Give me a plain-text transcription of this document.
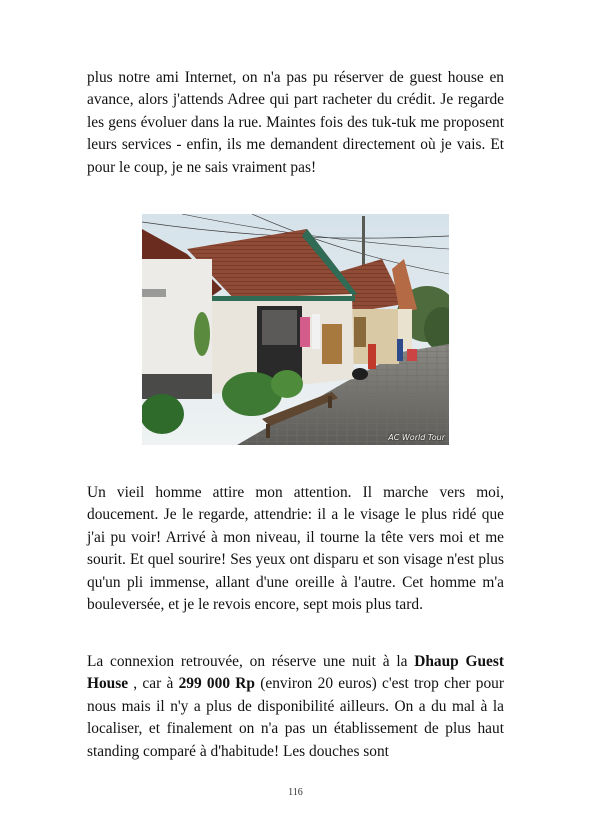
plus notre ami Internet, on n'a pas pu réserver de guest house en avance, alors j'attends Adree qui part racheter du crédit. Je regarde les gens évoluer dans la rue. Maintes fois des tuk-tuk me proposent leurs services - enfin, ils me demandent directement où je vais. Et pour le coup, je ne sais vraiment pas!

AC World Tour

Un vieil homme attire mon attention. Il marche vers moi, doucement. Je le regarde, attendrie: il a le visage le plus ridé que j'ai pu voir! Arrivé à mon niveau, il tourne la tête vers moi et me sourit. Et quel sourire! Ses yeux ont disparu et son visage n'est plus qu'un pli immense, allant d'une oreille à l'autre. Cet homme m'a bouleversée, et je le revois encore, sept mois plus tard.

La connexion retrouvée, on réserve une nuit à la Dhaup Guest House , car à 299 000 Rp (environ 20 euros) c'est trop cher pour nous mais il n'y a plus de disponibilité ailleurs. On a du mal à la localiser, et finalement on n'a pas un établissement de plus haut standing comparé à d'habitude! Les douches sont

116
